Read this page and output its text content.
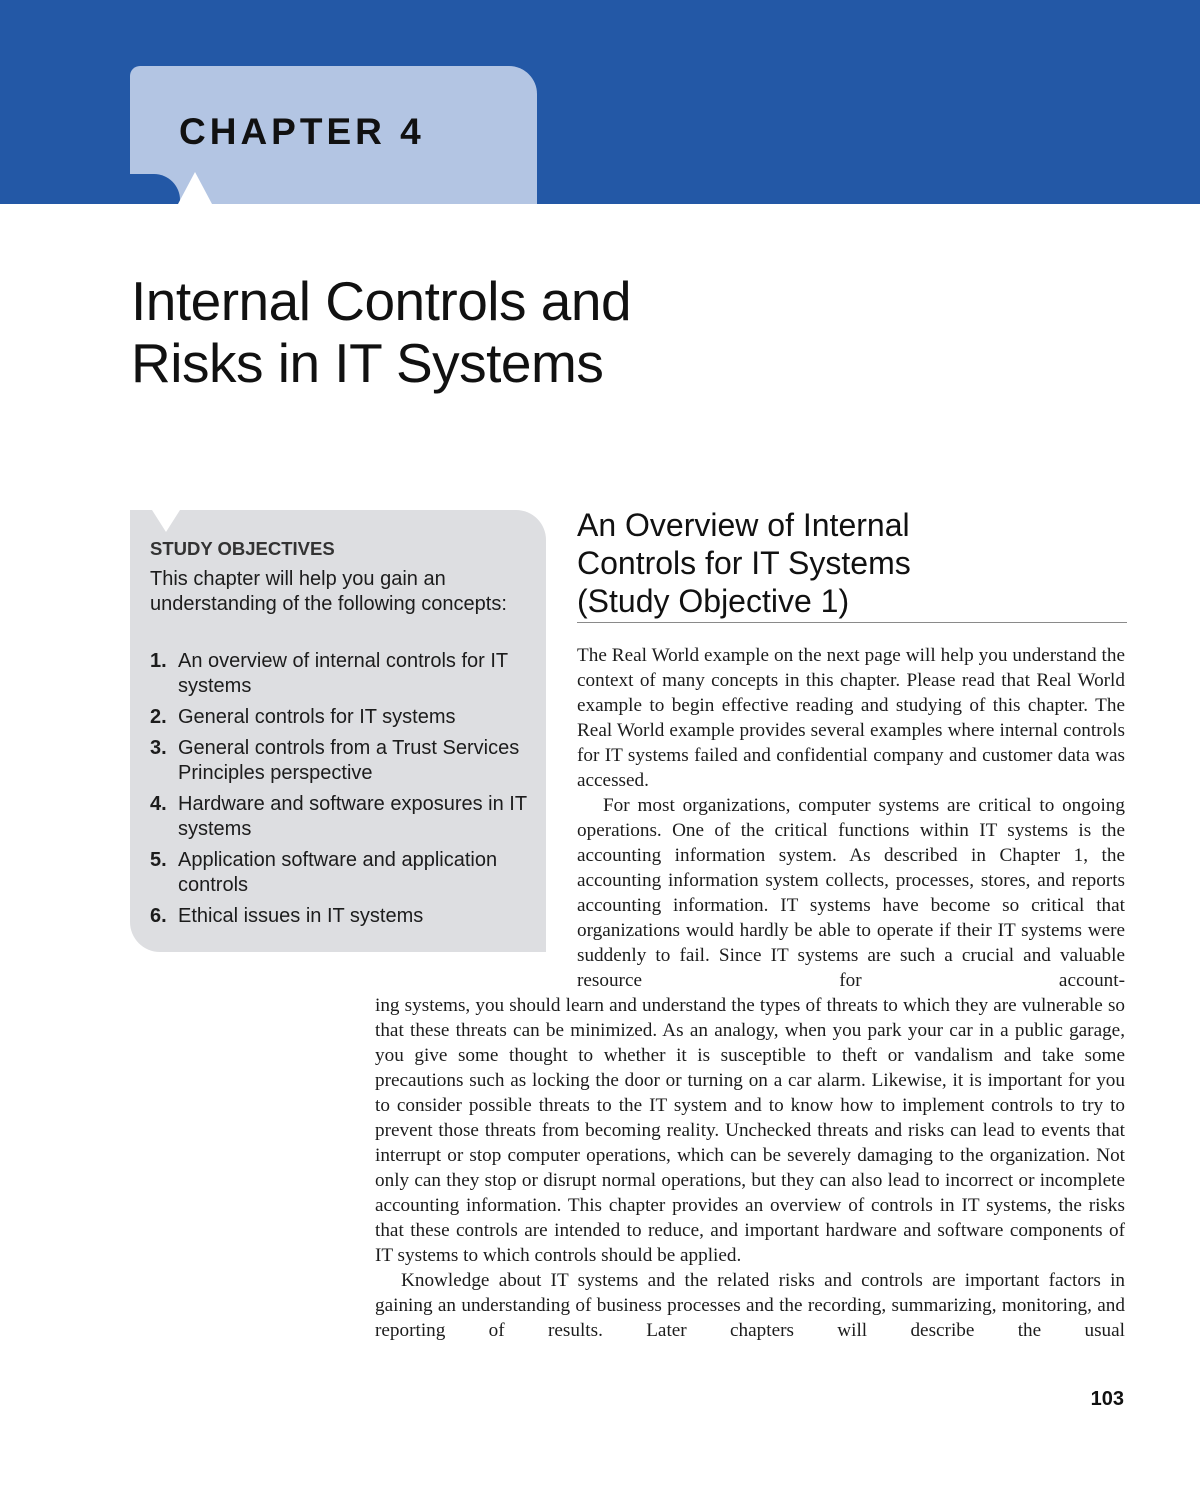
CHAPTER 4
Internal Controls and
Risks in IT Systems
STUDY OBJECTIVES

This chapter will help you gain an understanding of the following concepts:

1. An overview of internal controls for IT systems
2. General controls for IT systems
3. General controls from a Trust Services Principles perspective
4. Hardware and software exposures in IT systems
5. Application software and application controls
6. Ethical issues in IT systems
An Overview of Internal
Controls for IT Systems
(Study Objective 1)

The Real World example on the next page will help you understand the context of many concepts in this chapter. Please read that Real World example to begin effective reading and studying of this chapter. The Real World example provides several examples where internal controls for IT systems failed and confidential company and customer data was accessed.

For most organizations, computer systems are critical to ongoing operations. One of the critical functions within IT systems is the accounting information system. As described in Chapter 1, the accounting information system collects, processes, stores, and reports accounting information. IT systems have become so critical that organizations would hardly be able to operate if their IT systems were suddenly to fail. Since IT systems are such a crucial and valuable resource for account-

ing systems, you should learn and understand the types of threats to which they are vulnerable so that these threats can be minimized. As an analogy, when you park your car in a public garage, you give some thought to whether it is susceptible to theft or vandalism and take some precautions such as locking the door or turning on a car alarm. Likewise, it is important for you to consider possible threats to the IT system and to know how to implement controls to try to prevent those threats from becoming reality. Unchecked threats and risks can lead to events that interrupt or stop computer operations, which can be severely damaging to the organization. Not only can they stop or disrupt normal operations, but they can also lead to incorrect or incomplete accounting information. This chapter provides an overview of controls in IT systems, the risks that these controls are intended to reduce, and important hardware and software components of IT systems to which controls should be applied.

Knowledge about IT systems and the related risks and controls are important factors in gaining an understanding of business processes and the recording, summarizing, monitoring, and reporting of results. Later chapters will describe the usual

103
